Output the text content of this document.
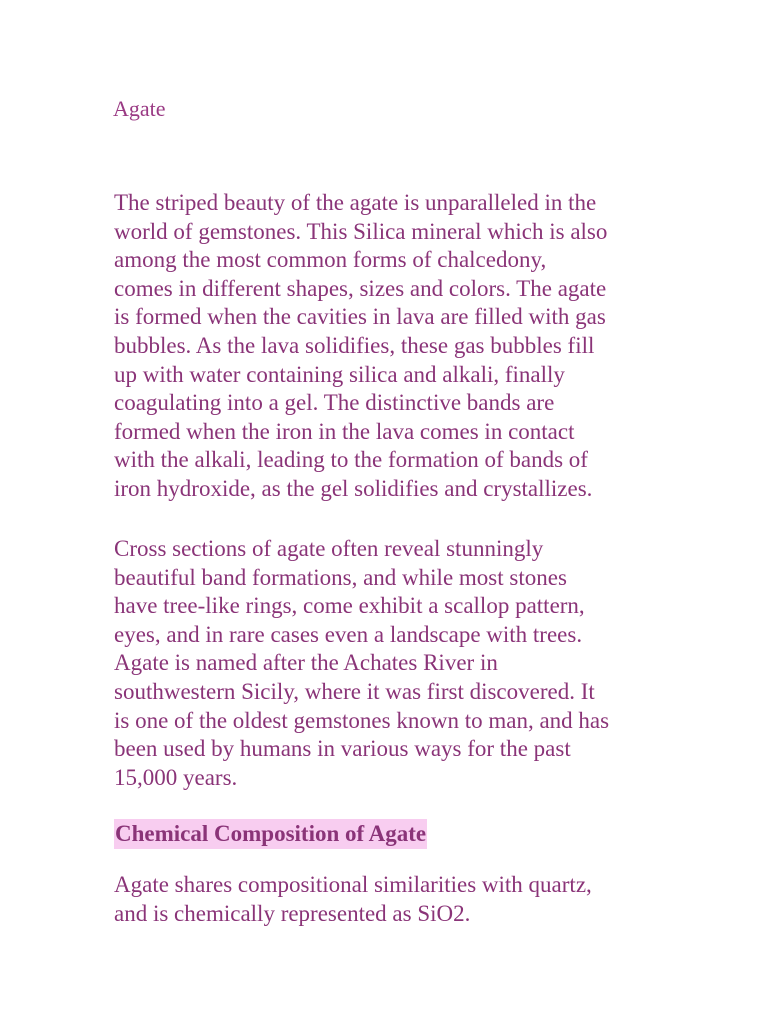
Agate

The striped beauty of the agate is unparalleled in the
world of gemstones. This Silica mineral which is also
among the most common forms of chalcedony,
comes in different shapes, sizes and colors. The agate
is formed when the cavities in lava are filled with gas
bubbles. As the lava solidifies, these gas bubbles fill
up with water containing silica and alkali, finally
coagulating into a gel. The distinctive bands are
formed when the iron in the lava comes in contact
with the alkali, leading to the formation of bands of
iron hydroxide, as the gel solidifies and crystallizes.

Cross sections of agate often reveal stunningly
beautiful band formations, and while most stones
have tree-like rings, come exhibit a scallop pattern,
eyes, and in rare cases even a landscape with trees.
Agate is named after the Achates River in
southwestern Sicily, where it was first discovered. It
is one of the oldest gemstones known to man, and has
been used by humans in various ways for the past
15,000 years.

Chemical Composition of Agate

Agate shares compositional similarities with quartz,
and is chemically represented as SiO2.
